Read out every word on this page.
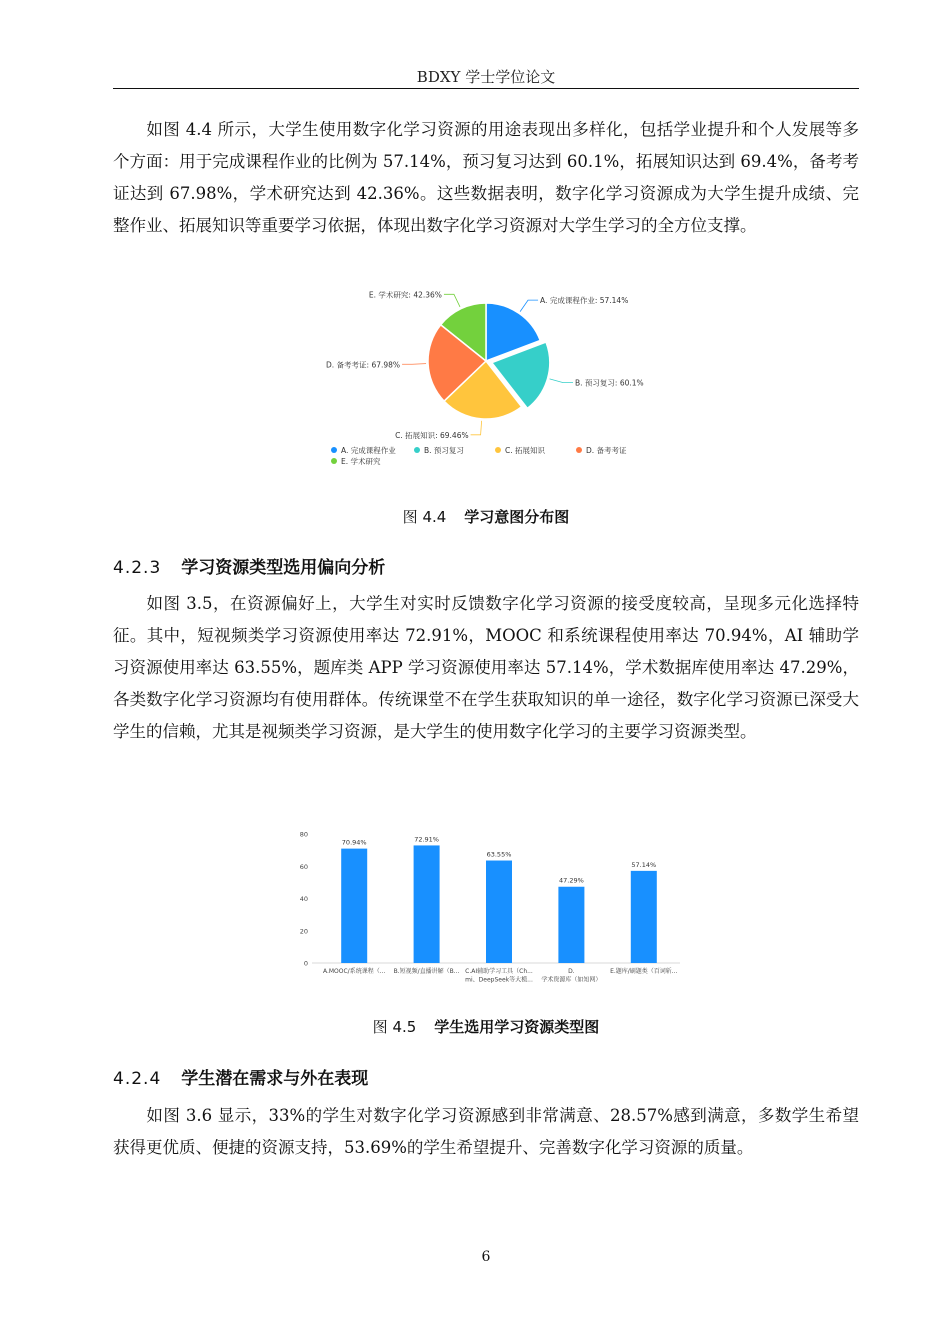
BDXY 学士学位论文

如图 4.4 所示，大学生使用数字化学习资源的用途表现出多样化，包括学业提升和个人发展等多个方面：用于完成课程作业的比例为 57.14%，预习复习达到 60.1%，拓展知识达到 69.4%，备考考证达到 67.98%，学术研究达到 42.36%。这些数据表明，数字化学习资源成为大学生提升成绩、完整作业、拓展知识等重要学习依据，体现出数字化学习资源对大学生学习的全方位支撑。

A. 完成课程作业: 57.14%
B. 预习复习: 60.1%
C. 拓展知识: 69.46%
D. 备考考证: 67.98%
E. 学术研究: 42.36%
A. 完成课程作业	B. 预习复习	C. 拓展知识	D. 备考考证
E. 学术研究
图 4.4 学习意图分布图
4.2.3 学习资源类型选用偏向分析

如图 3.5，在资源偏好上，大学生对实时反馈数字化学习资源的接受度较高，呈现多元化选择特征。其中，短视频类学习资源使用率达 72.91%，MOOC 和系统课程使用率达 70.94%，AI 辅助学习资源使用率达 63.55%，题库类 APP 学习资源使用率达 57.14%，学术数据库使用率达 47.29%，各类数字化学习资源均有使用群体。传统课堂不在学生获取知识的单一途径，数字化学习资源已深受大学生的信赖，尤其是视频类学习资源，是大学生的使用数字化学习的主要学习资源类型。

0
20
40
60
80
70.94%
A.MOOC/系统课程（...
72.91%
B.短视频/直播讲解（B...
63.55%
C.AI辅助学习工具（Ch...
mi、DeepSeek等大模...
47.29%
D.
学术资源库（如知网）
57.14%
E.题库/刷题类（百词斩...
图 4.5 学生选用学习资源类型图
4.2.4 学生潜在需求与外在表现

如图 3.6 显示，33%的学生对数字化学习资源感到非常满意、28.57%感到满意，多数学生希望获得更优质、便捷的资源支持，53.69%的学生希望提升、完善数字化学习资源的质量。

6
